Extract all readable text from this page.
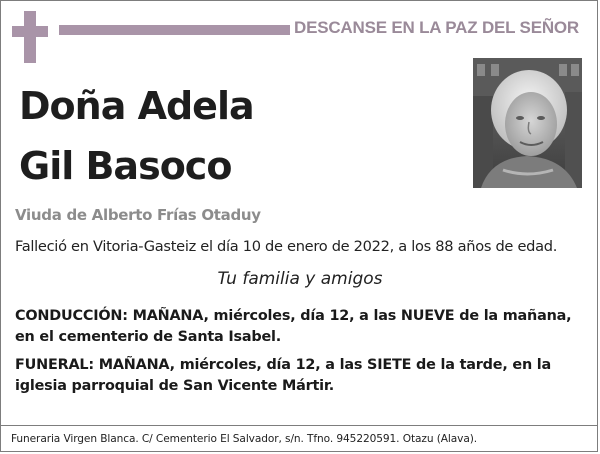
DESCANSE EN LA PAZ DEL SEÑOR
Doña Adela
Gil Basoco
Viuda de Alberto Frías Otaduy
Falleció en Vitoria-Gasteiz el día 10 de enero de 2022, a los 88 años de edad.
Tu familia y amigos
CONDUCCIÓN: MAÑANA, miércoles, día 12, a las NUEVE de la mañana, en el cementerio de Santa Isabel.
FUNERAL: MAÑANA, miércoles, día 12, a las SIETE de la tarde, en la iglesia parroquial de San Vicente Mártir.
Funeraria Virgen Blanca. C/ Cementerio El Salvador, s/n. Tfno. 945220591. Otazu (Alava).
